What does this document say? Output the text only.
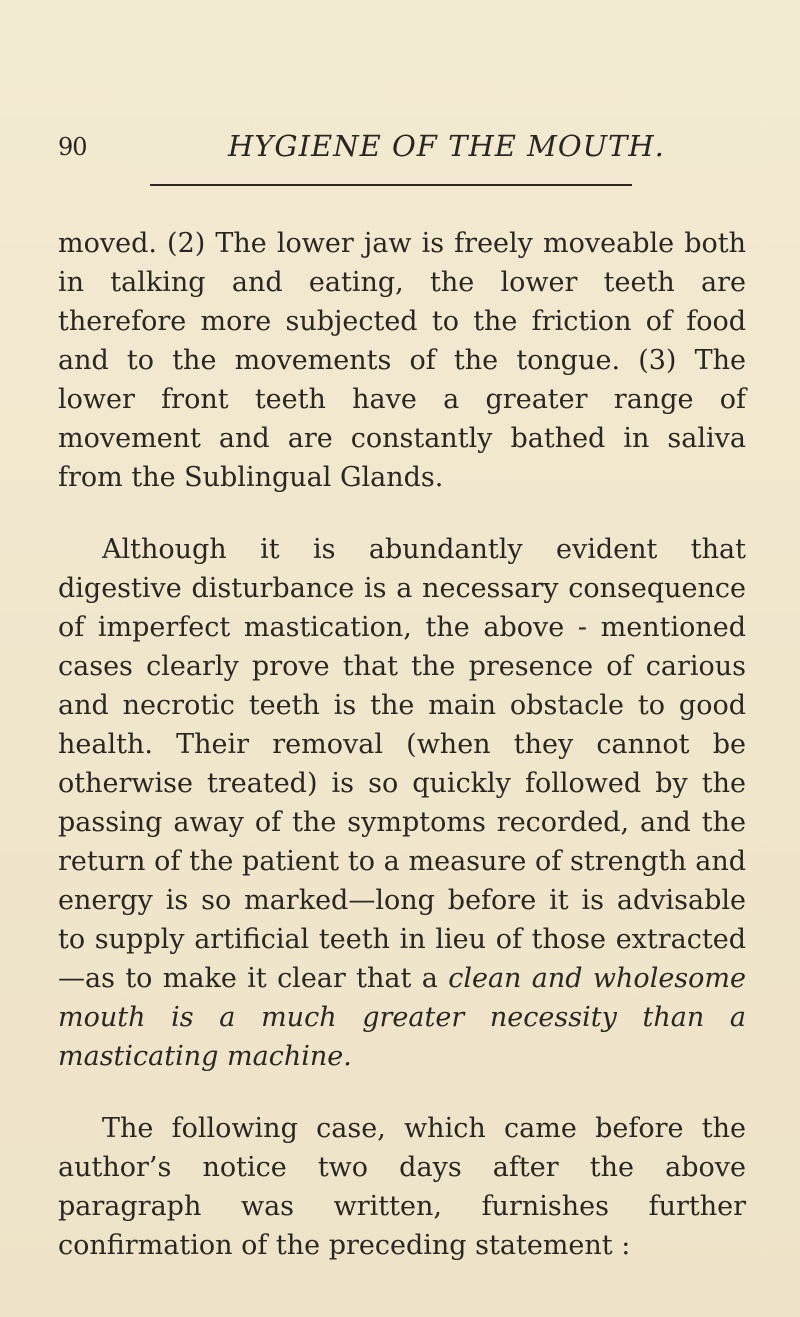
90	HYGIENE OF THE MOUTH.

moved. (2) The lower jaw is freely moveable both in talking and eating, the lower teeth are therefore more subjected to the friction of food and to the movements of the tongue. (3) The lower front teeth have a greater range of movement and are constantly bathed in saliva from the Sublingual Glands.

Although it is abundantly evident that digestive disturbance is a necessary consequence of imperfect mastication, the above - mentioned cases clearly prove that the presence of carious and necrotic teeth is the main obstacle to good health. Their removal (when they cannot be otherwise treated) is so quickly followed by the passing away of the symptoms recorded, and the return of the patient to a measure of strength and energy is so marked—long before it is advisable to supply artificial teeth in lieu of those extracted—as to make it clear that a clean and wholesome mouth is a much greater necessity than a masticating machine.

The following case, which came before the author’s notice two days after the above paragraph was written, furnishes further confirmation of the preceding statement :
